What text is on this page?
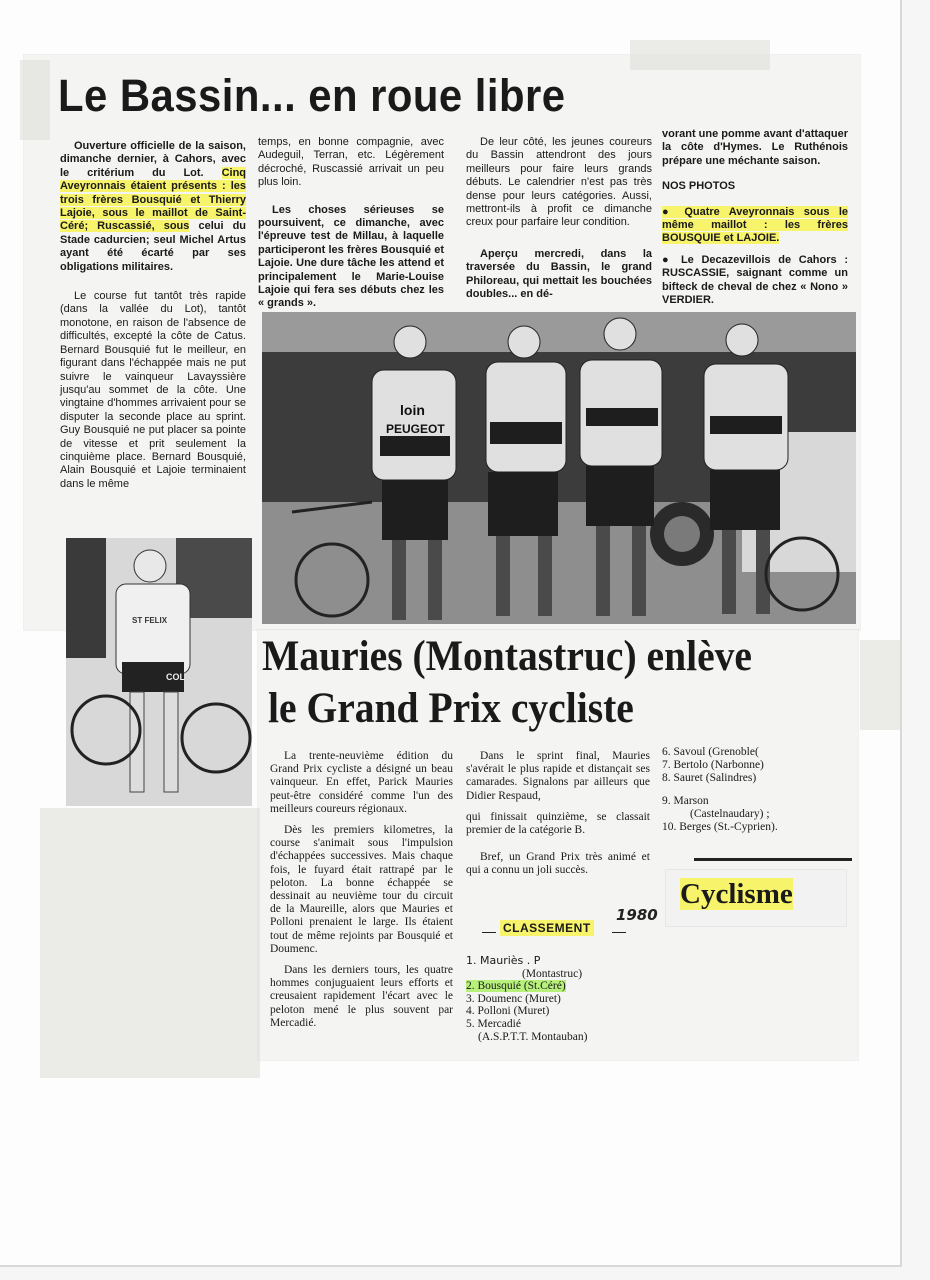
Le Bassin... en roue libre

Ouverture officielle de la saison, dimanche dernier, à Cahors, avec le critérium du Lot. Cinq Aveyronnais étaient présents : les trois frères Bousquié et Thierry Lajoie, sous le maillot de Saint-Céré; Ruscassié, sous celui du Stade cadurcien; seul Michel Artus ayant été écarté par ses obligations militaires.

Le course fut tantôt très rapide (dans la vallée du Lot), tantôt monotone, en raison de l'absence de difficultés, excepté la côte de Catus. Bernard Bousquié fut le meilleur, en figurant dans l'échappée mais ne put suivre le vainqueur Lavayssière jusqu'au sommet de la côte. Une vingtaine d'hommes arrivaient pour se disputer la seconde place au sprint. Guy Bousquié ne put placer sa pointe de vitesse et prit seulement la cinquième place. Bernard Bousquié, Alain Bousquié et Lajoie terminaient dans le même

temps, en bonne compagnie, avec Audeguil, Terran, etc. Légèrement décroché, Ruscassié arrivait un peu plus loin.

Les choses sérieuses se poursuivent, ce dimanche, avec l'épreuve test de Millau, à laquelle participeront les frères Bousquié et Lajoie. Une dure tâche les attend et principalement le Marie-Louise Lajoie qui fera ses débuts chez les « grands ».

De leur côté, les jeunes coureurs du Bassin attendront des jours meilleurs pour faire leurs grands débuts. Le calendrier n'est pas très dense pour leurs catégories. Aussi, mettront-ils à profit ce dimanche creux pour parfaire leur condition.

Aperçu mercredi, dans la traversée du Bassin, le grand Philoreau, qui mettait les bouchées doubles... en dé-

vorant une pomme avant d'attaquer la côte d'Hymes. Le Ruthénois prépare une méchante saison.

NOS PHOTOS

● Quatre Aveyronnais sous le même maillot : les frères BOUSQUIE et LAJOIE.

● Le Decazevillois de Cahors : RUSCASSIE, saignant comme un bifteck de cheval de chez « Nono » VERDIER.

loin
PEUGEOT
ST FELIX
COL Mauries (Montastruc) enlève
le Grand Prix cycliste

La trente-neuvième édition du Grand Prix cycliste a désigné un beau vainqueur. En effet, Parick Mauries peut-être considéré comme l'un des meilleurs coureurs régionaux.

Dès les premiers kilometres, la course s'animait sous l'impulsion d'échappées successives. Mais chaque fois, le fuyard était rattrapé par le peloton. La bonne échappée se dessinait au neuvième tour du circuit de la Maureille, alors que Mauries et Polloni prenaient le large. Ils étaient tout de même rejoints par Bousquié et Doumenc.

Dans les derniers tours, les quatre hommes conjuguaient leurs efforts et creusaient rapidement l'écart avec le peloton mené le plus souvent par Mercadié.

Dans le sprint final, Mauries s'avérait le plus rapide et distançait ses camarades. Signalons par ailleurs que Didier Respaud,

qui finissait quinzième, se classait premier de la catégorie B.

Bref, un Grand Prix très animé et qui a connu un joli succès.

CLASSEMENT
1980
1. Mauriès . P
(Montastruc)
2. Bousquié (St.Céré)
3. Doumenc (Muret)
4. Polloni (Muret)
5. Mercadié
(A.S.P.T.T. Montauban)
6. Savoul (Grenoble(
7. Bertolo (Narbonne)
8. Sauret (Salindres)
9. Marson
(Castelnaudary) ;
10. Berges (St.-Cyprien).
Cyclisme
